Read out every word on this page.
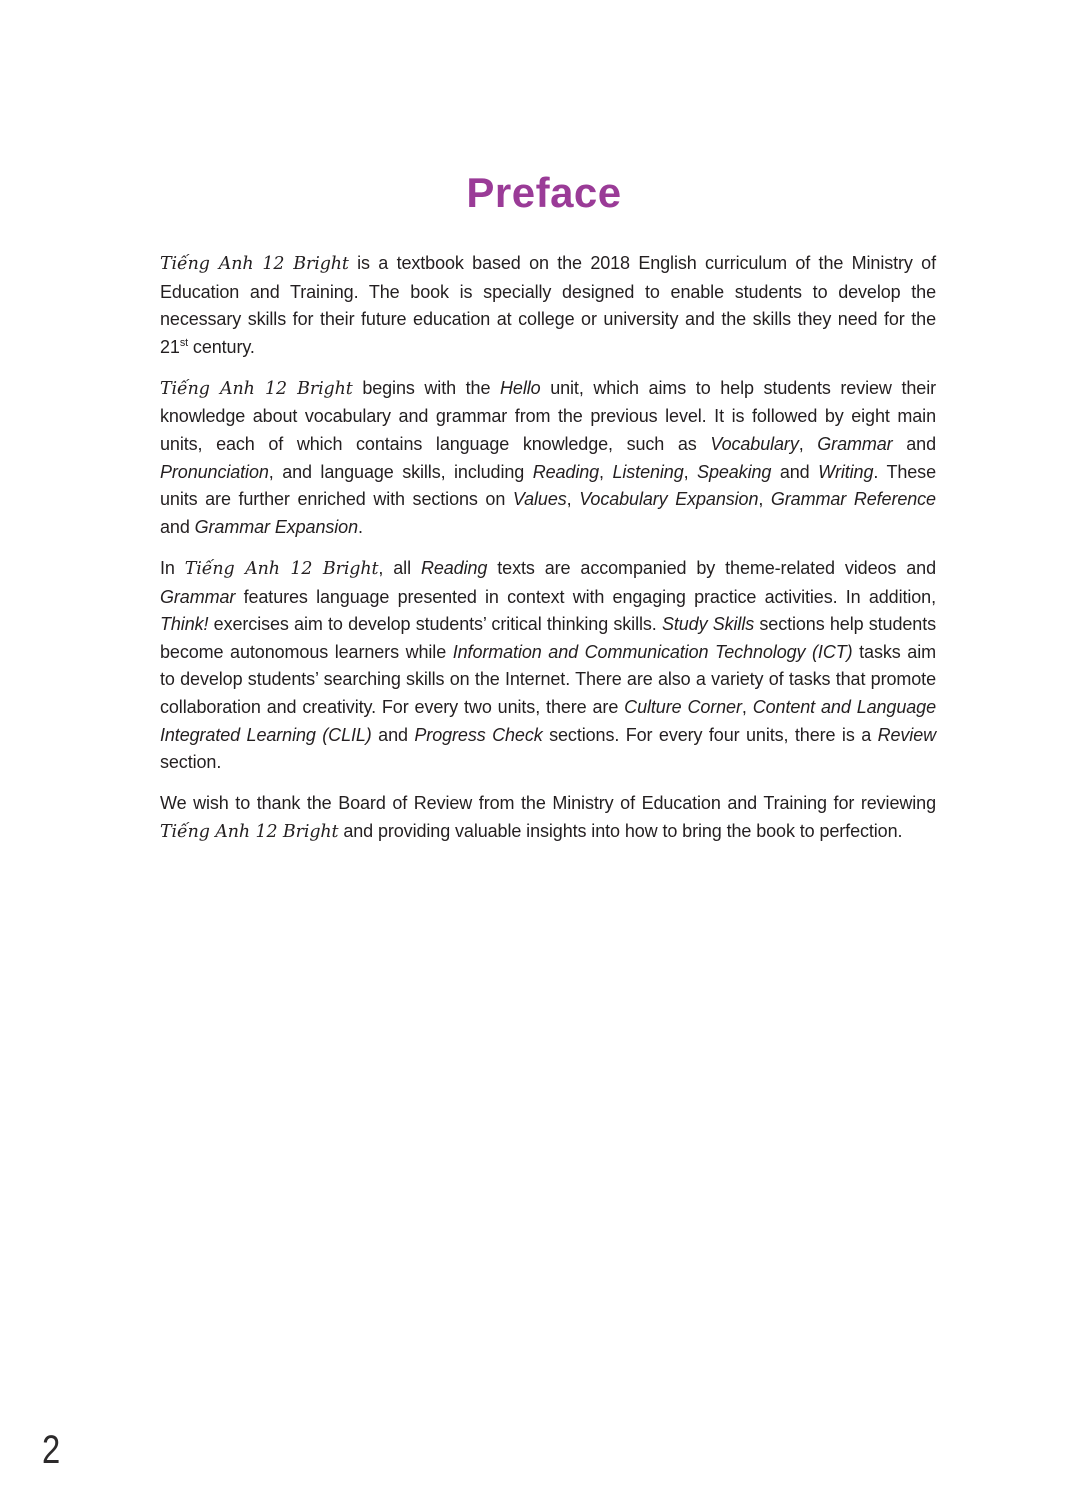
Preface

Tiếng Anh 12 Bright is a textbook based on the 2018 English curriculum of the Ministry of Education and Training. The book is specially designed to enable students to develop the necessary skills for their future education at college or university and the skills they need for the 21st century.

Tiếng Anh 12 Bright begins with the Hello unit, which aims to help students review their knowledge about vocabulary and grammar from the previous level. It is followed by eight main units, each of which contains language knowledge, such as Vocabulary, Grammar and Pronunciation, and language skills, including Reading, Listening, Speaking and Writing. These units are further enriched with sections on Values, Vocabulary Expansion, Grammar Reference and Grammar Expansion.

In Tiếng Anh 12 Bright, all Reading texts are accompanied by theme-related videos and Grammar features language presented in context with engaging practice activities. In addition, Think! exercises aim to develop students’ critical thinking skills. Study Skills sections help students become autonomous learners while Information and Communication Technology (ICT) tasks aim to develop students’ searching skills on the Internet. There are also a variety of tasks that promote collaboration and creativity. For every two units, there are Culture Corner, Content and Language Integrated Learning (CLIL) and Progress Check sections. For every four units, there is a Review section.

We wish to thank the Board of Review from the Ministry of Education and Training for reviewing Tiếng Anh 12 Bright and providing valuable insights into how to bring the book to perfection.

2
